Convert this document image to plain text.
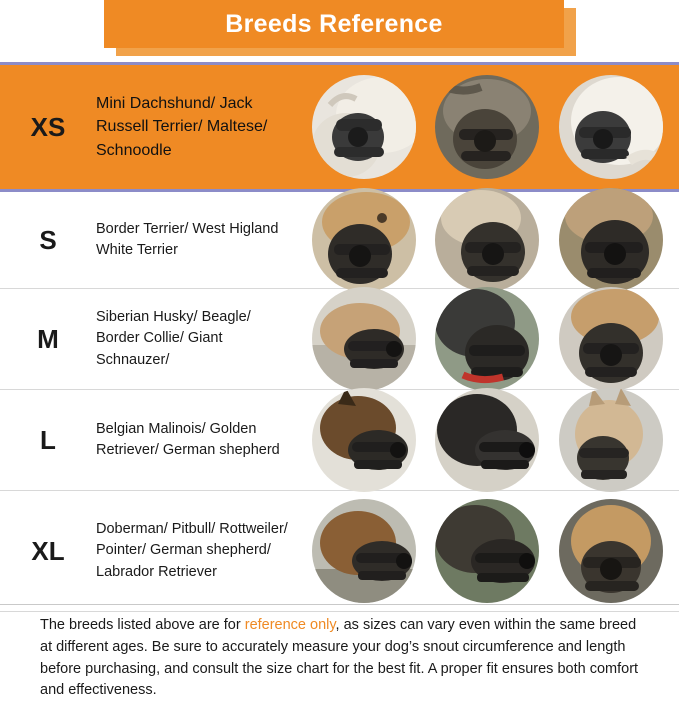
Breeds Reference
XS
Mini Dachshund/ Jack Russell Terrier/ Maltese/ Schnoodle
S	Border Terrier/ West Higland White Terrier
M
Siberian Husky/ Beagle/ Border Collie/ Giant Schnauzer/
L	Belgian Malinois/ Golden Retriever/ German shepherd
XL
Doberman/ Pitbull/ Rottweiler/ Pointer/ German shepherd/ Labrador Retriever

The breeds listed above are for reference only, as sizes can vary even within the same breed at different ages. Be sure to accurately measure your dog’s snout circumference and length before purchasing, and consult the size chart for the best fit. A proper fit ensures both comfort and effectiveness.
